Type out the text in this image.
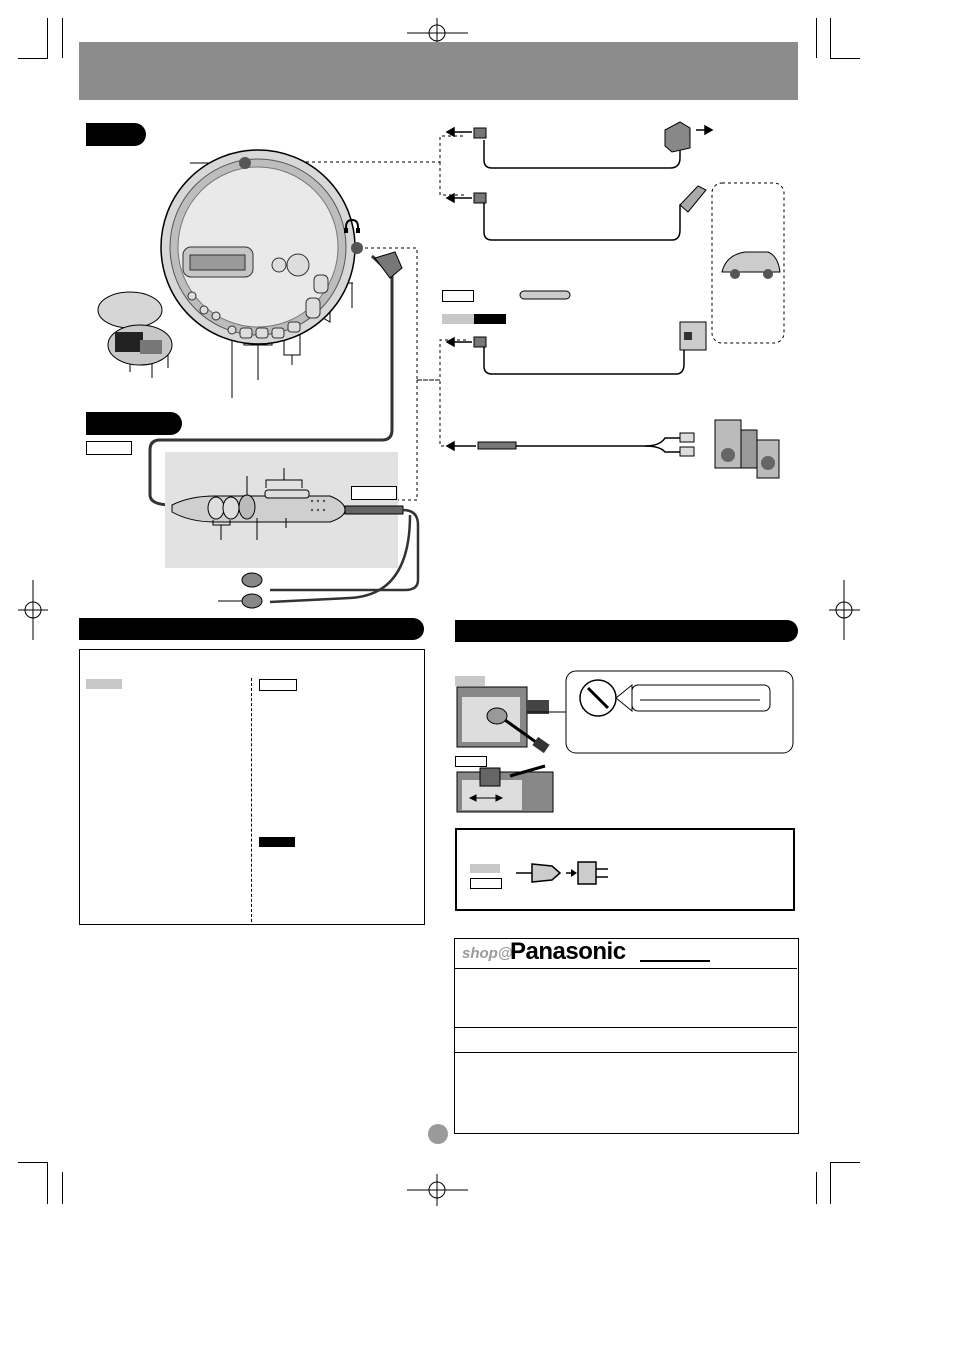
shop@
Panasonic
